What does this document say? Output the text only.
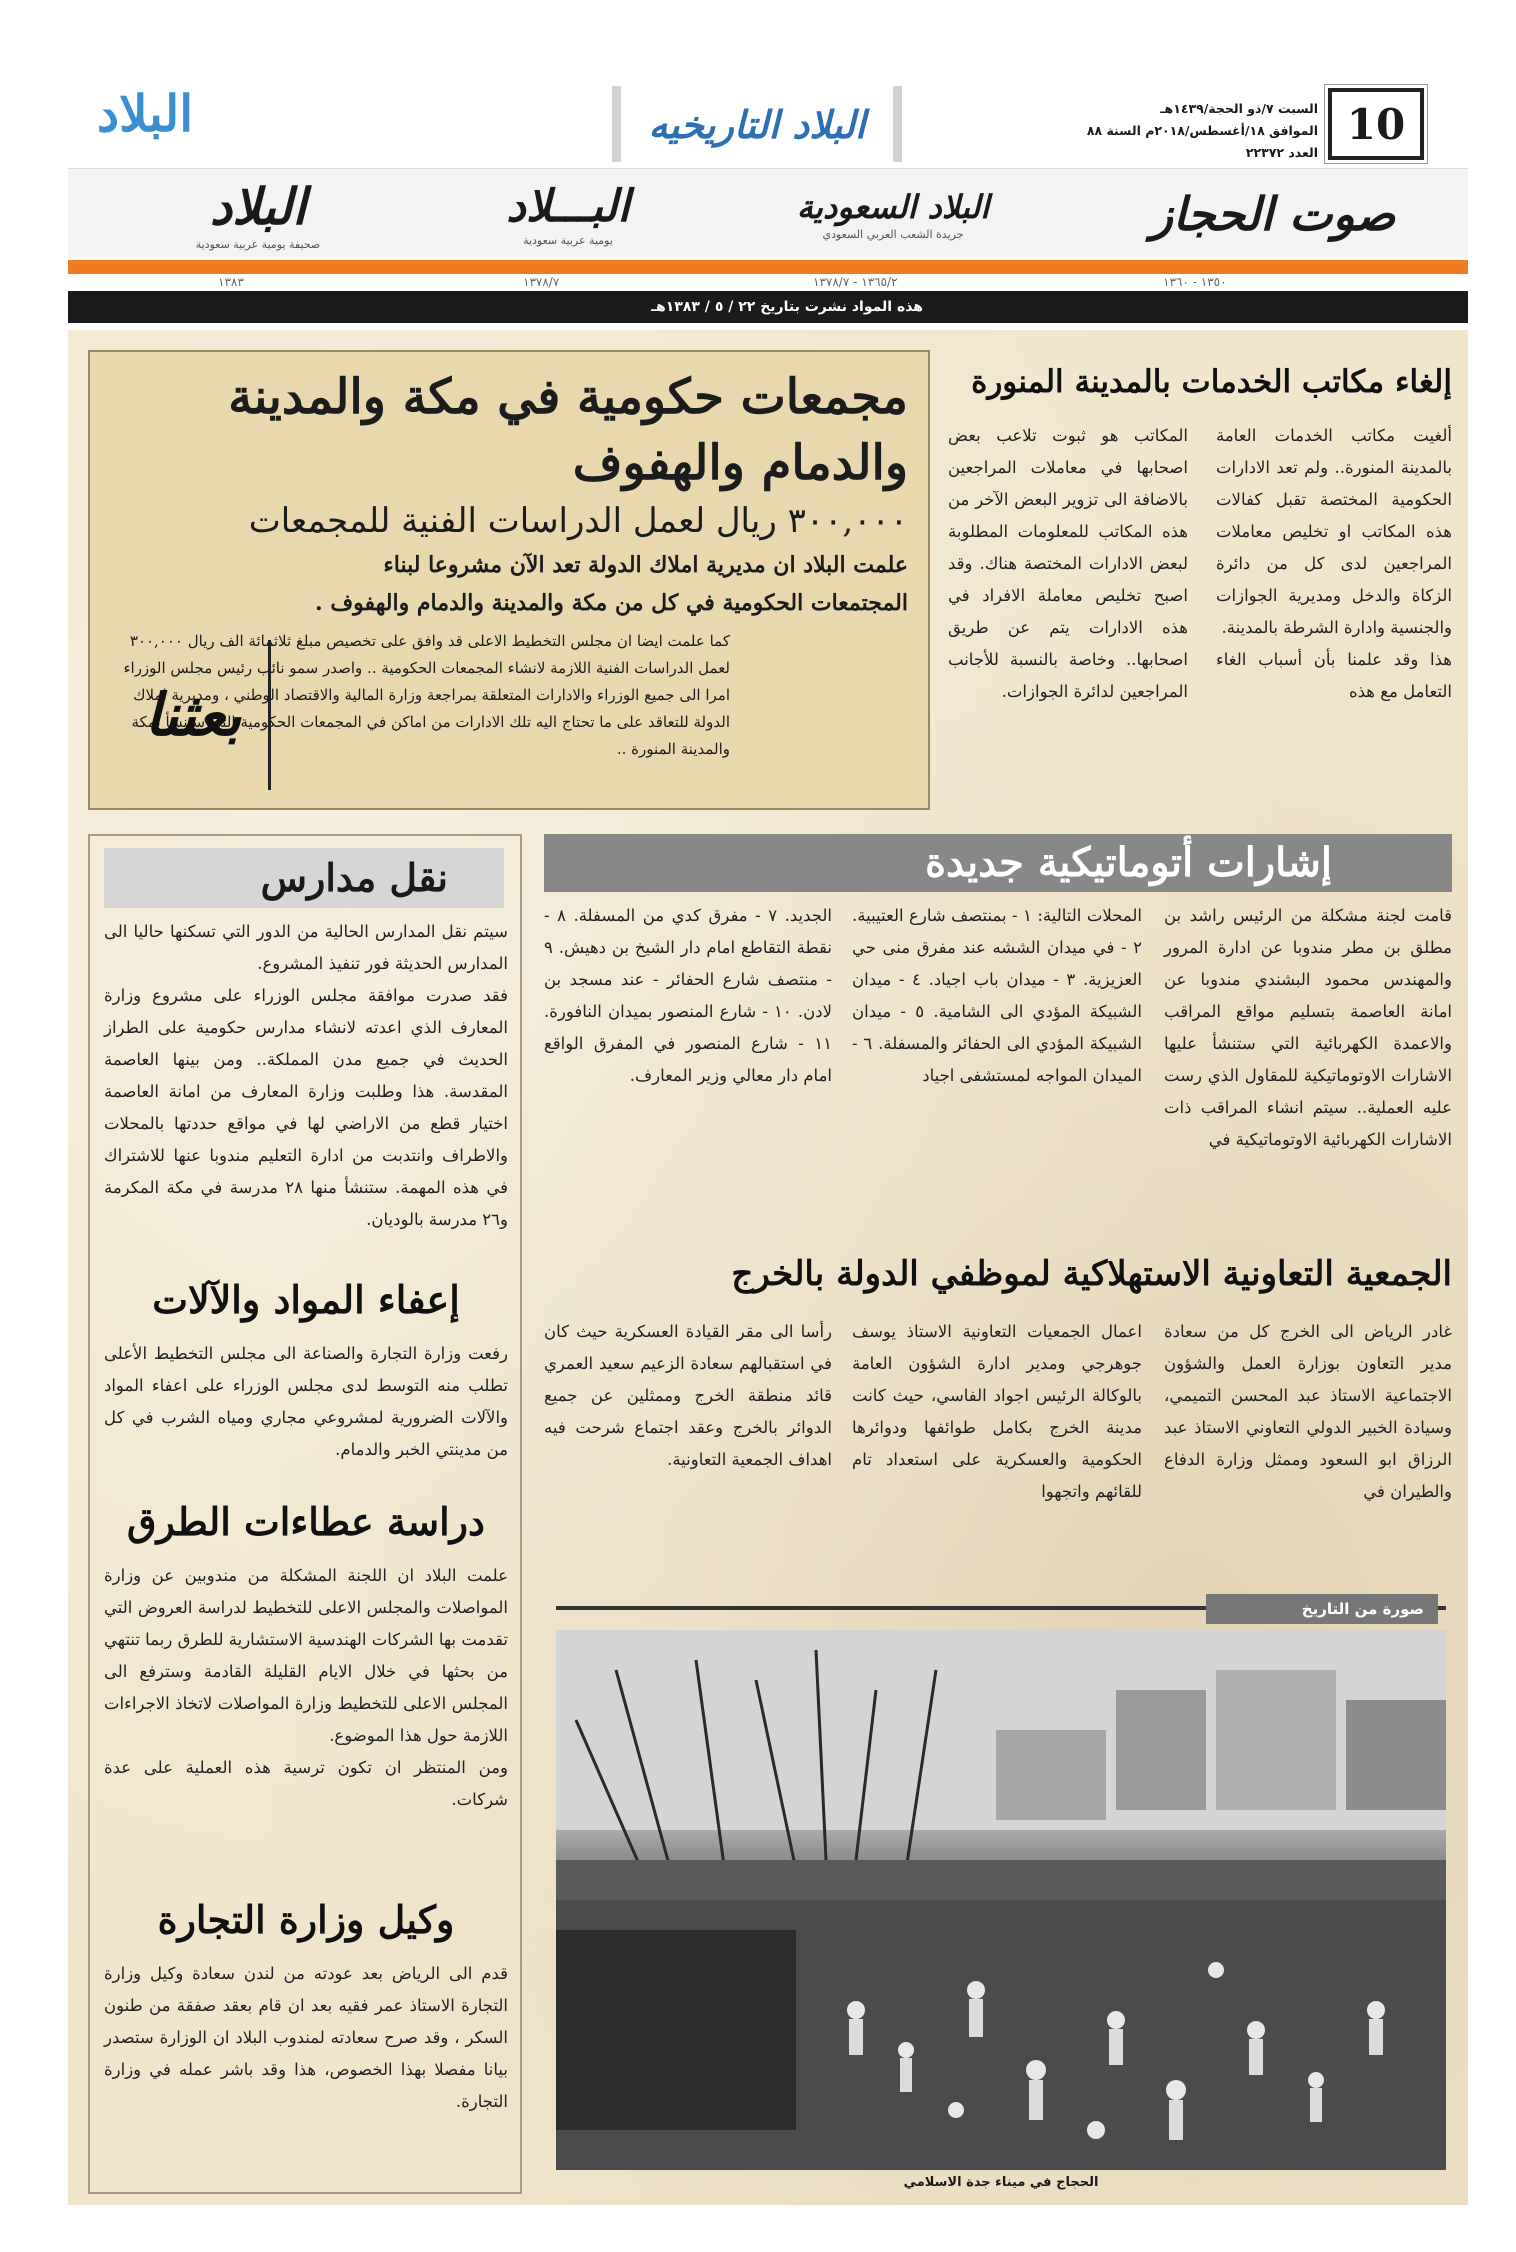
10
السبت ٧/ذو الحجة/١٤٣٩هـ
الموافق ١٨/أغسطس/٢٠١٨م السنة ٨٨ العدد ٢٢٣٧٢
البلاد التاريخيه
البلاد
صوت الحجاز
البلاد السعودية
جريدة الشعب العربي السعودي
البـــلاد
يومية عربية سعودية
البلاد
صحيفة يومية عربية سعودية
١٣٥٠ - ١٣٦٠
١٣٦٥/٢ - ١٣٧٨/٧
١٣٧٨/٧
١٣٨٣
هذه المواد نشرت بتاريخ ٢٢ / ٥ / ١٣٨٣هـ
إلغاء مكاتب الخدمات بالمدينة المنورة

ألغيت مكاتب الخدمات العامة بالمدينة المنورة.. ولم تعد الادارات الحكومية المختصة تقبل كفالات هذه المكاتب او تخليص معاملات المراجعين لدى كل من دائرة الزكاة والدخل ومديرية الجوازات والجنسية وادارة الشرطة بالمدينة.

هذا وقد علمنا بأن أسباب الغاء التعامل مع هذه

المكاتب هو ثبوت تلاعب بعض اصحابها في معاملات المراجعين بالاضافة الى تزوير البعض الآخر من هذه المكاتب للمعلومات المطلوبة لبعض الادارات المختصة هناك. وقد اصبح تخليص معاملة الافراد في هذه الادارات يتم عن طريق اصحابها.. وخاصة بالنسبة للأجانب المراجعين لدائرة الجوازات.

مجمعات حكومية في مكة والمدينة والدمام والهفوف
٣٠٠,٠٠٠ ريال لعمل الدراسات الفنية للمجمعات
علمت البلاد ان مديرية املاك الدولة تعد الآن مشروعا لبناء
المجتمعات الحكومية في كل من مكة والمدينة والدمام والهفوف .
كما علمت ايضا ان مجلس التخطيط الاعلى قد وافق على تخصيص مبلغ ثلاثمائة الف ريال ٣٠٠,٠٠٠ لعمل الدراسات الفنية اللازمة لانشاء المجمعات الحكومية .. واصدر سمو نائب رئيس مجلس الوزراء امرا الى جميع الوزراء والادارات المتعلقة بمراجعة وزارة المالية والاقتصاد الوطني ، ومديرية املاك الدولة للتعاقد على ما تحتاج اليه تلك الادارات من اماكن في المجمعات الحكومية التي ستنشأ بمكة والمدينة المنورة ..
بعثنا
إشارات أتوماتيكية جديدة

قامت لجنة مشكلة من الرئيس راشد بن مطلق بن مطر مندوبا عن ادارة المرور والمهندس محمود البشندي مندوبا عن امانة العاصمة بتسليم مواقع المراقب والاعمدة الكهربائية التي ستنشأ عليها الاشارات الاوتوماتيكية للمقاول الذي رست عليه العملية.. سيتم انشاء المراقب ذات الاشارات الكهربائية الاوتوماتيكية في

المحلات التالية: ١ - بمنتصف شارع العتيبية. ٢ - في ميدان الششه عند مفرق منى حي العزيزية. ٣ - ميدان باب اجياد. ٤ - ميدان الشبيكة المؤدي الى الشامية. ٥ - ميدان الشبيكة المؤدي الى الحفائر والمسفلة. ٦ - الميدان المواجه لمستشفى اجياد

الجديد. ٧ - مفرق كدي من المسفلة. ٨ - نقطة التقاطع امام دار الشيخ بن دهيش. ٩ - منتصف شارع الحفائر - عند مسجد بن لادن. ١٠ - شارع المنصور بميدان النافورة. ١١ - شارع المنصور في المفرق الواقع امام دار معالي وزير المعارف.

الجمعية التعاونية الاستهلاكية لموظفي الدولة بالخرج

غادر الرياض الى الخرج كل من سعادة مدير التعاون بوزارة العمل والشؤون الاجتماعية الاستاذ عبد المحسن التميمي، وسيادة الخبير الدولي التعاوني الاستاذ عبد الرزاق ابو السعود وممثل وزارة الدفاع والطيران في

اعمال الجمعيات التعاونية الاستاذ يوسف جوهرجي ومدير ادارة الشؤون العامة بالوكالة الرئيس اجواد الفاسي، حيث كانت مدينة الخرج بكامل طوائفها ودوائرها الحكومية والعسكرية على استعداد تام للقائهم واتجهوا

رأسا الى مقر القيادة العسكرية حيث كان في استقبالهم سعادة الزعيم سعيد العمري قائد منطقة الخرج وممثلين عن جميع الدوائر بالخرج وعقد اجتماع شرحت فيه اهداف الجمعية التعاونية.

نقل مدارس

سيتم نقل المدارس الحالية من الدور التي تسكنها حاليا الى المدارس الحديثة فور تنفيذ المشروع.

فقد صدرت موافقة مجلس الوزراء على مشروع وزارة المعارف الذي اعدته لانشاء مدارس حكومية على الطراز الحديث في جميع مدن المملكة.. ومن بينها العاصمة المقدسة. هذا وطلبت وزارة المعارف من امانة العاصمة اختيار قطع من الاراضي لها في مواقع حددتها بالمحلات والاطراف وانتدبت من ادارة التعليم مندوبا عنها للاشتراك في هذه المهمة. ستنشأ منها ٢٨ مدرسة في مكة المكرمة و٢٦ مدرسة بالوديان.

إعفاء المواد والآلات

رفعت وزارة التجارة والصناعة الى مجلس التخطيط الأعلى تطلب منه التوسط لدى مجلس الوزراء على اعفاء المواد والآلات الضرورية لمشروعي مجاري ومياه الشرب في كل من مدينتي الخبر والدمام.

دراسة عطاءات الطرق

علمت البلاد ان اللجنة المشكلة من مندوبين عن وزارة المواصلات والمجلس الاعلى للتخطيط لدراسة العروض التي تقدمت بها الشركات الهندسية الاستشارية للطرق ربما تنتهي من بحثها في خلال الايام القليلة القادمة وسترفع الى المجلس الاعلى للتخطيط وزارة المواصلات لاتخاذ الاجراءات اللازمة حول هذا الموضوع.

ومن المنتظر ان تكون ترسية هذه العملية على عدة شركات.

وكيل وزارة التجارة

قدم الى الرياض بعد عودته من لندن سعادة وكيل وزارة التجارة الاستاذ عمر فقيه بعد ان قام بعقد صفقة من طنون السكر ، وقد صرح سعادته لمندوب البلاد ان الوزارة ستصدر بيانا مفصلا بهذا الخصوص، هذا وقد باشر عمله في وزارة التجارة.

صورة من التاريخ
الحجاج في ميناء جدة الاسلامي
